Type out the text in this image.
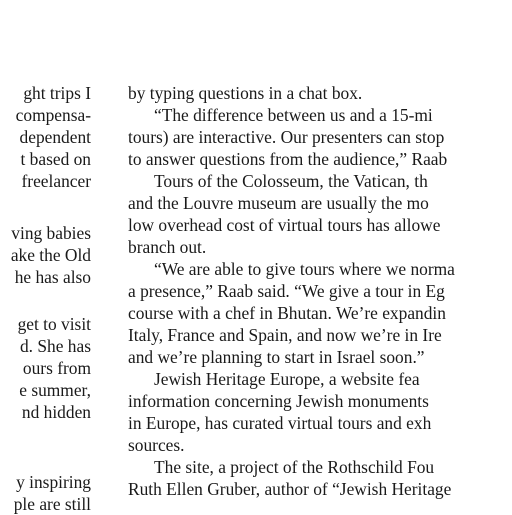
ght trips I
compensa-
dependent
t based on
freelancer
ving babies
ake the Old
he has also
get to visit
d. She has
ours from
e summer,
nd hidden
y inspiring
ple are still
by typing questions in a chat box.
“The difference between us and a 15-mi
tours) are interactive. Our presenters can stop
to answer questions from the audience,” Raab
Tours of the Colosseum, the Vatican, th
and the Louvre museum are usually the mo
low overhead cost of virtual tours has allowe
branch out.
“We are able to give tours where we norma
a presence,” Raab said. “We give a tour in Eg
course with a chef in Bhutan. We’re expandin
Italy, France and Spain, and now we’re in Ire
and we’re planning to start in Israel soon.”
Jewish Heritage Europe, a website fea
information concerning Jewish monuments
in Europe, has curated virtual tours and exh
sources.
The site, a project of the Rothschild Fou
Ruth Ellen Gruber, author of “Jewish Heritage
